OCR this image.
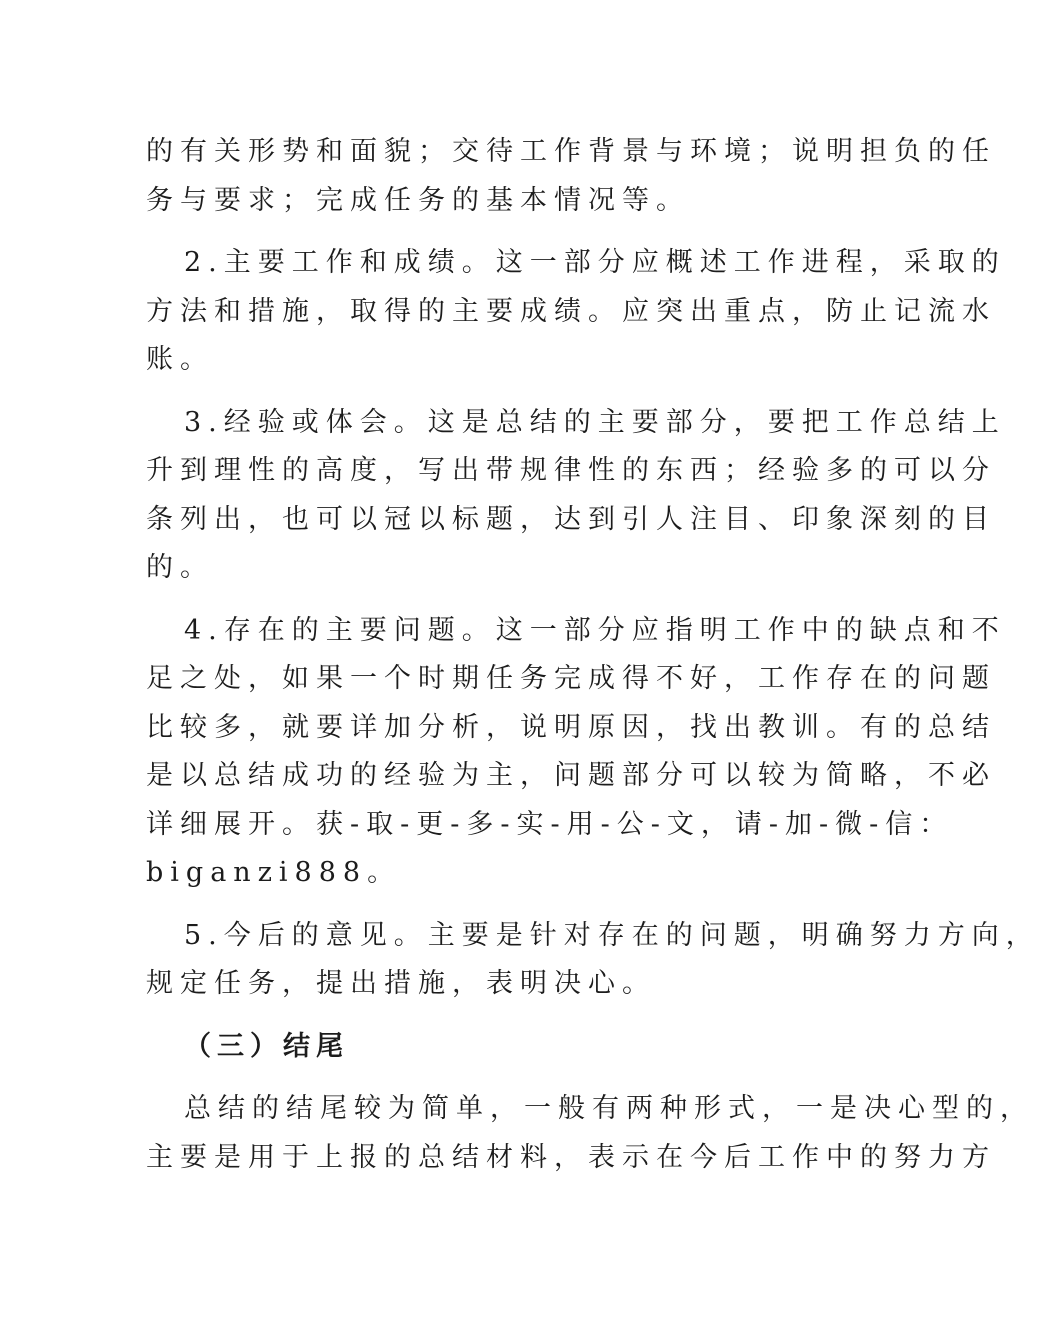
的有关形势和面貌；交待工作背景与环境；说明担负的任
务与要求；完成任务的基本情况等。

2.主要工作和成绩。这一部分应概述工作进程，采取的
方法和措施，取得的主要成绩。应突出重点，防止记流水
账。

3.经验或体会。这是总结的主要部分，要把工作总结上
升到理性的高度，写出带规律性的东西；经验多的可以分
条列出，也可以冠以标题，达到引人注目、印象深刻的目
的。

4.存在的主要问题。这一部分应指明工作中的缺点和不
足之处，如果一个时期任务完成得不好，工作存在的问题
比较多，就要详加分析，说明原因，找出教训。有的总结
是以总结成功的经验为主，问题部分可以较为简略，不必
详细展开。获-取-更-多-实-用-公-文，请-加-微-信：
biganzi888。

5.今后的意见。主要是针对存在的问题，明确努力方向，
规定任务，提出措施，表明决心。

（三）结尾

总结的结尾较为简单，一般有两种形式，一是决心型的，
主要是用于上报的总结材料，表示在今后工作中的努力方
